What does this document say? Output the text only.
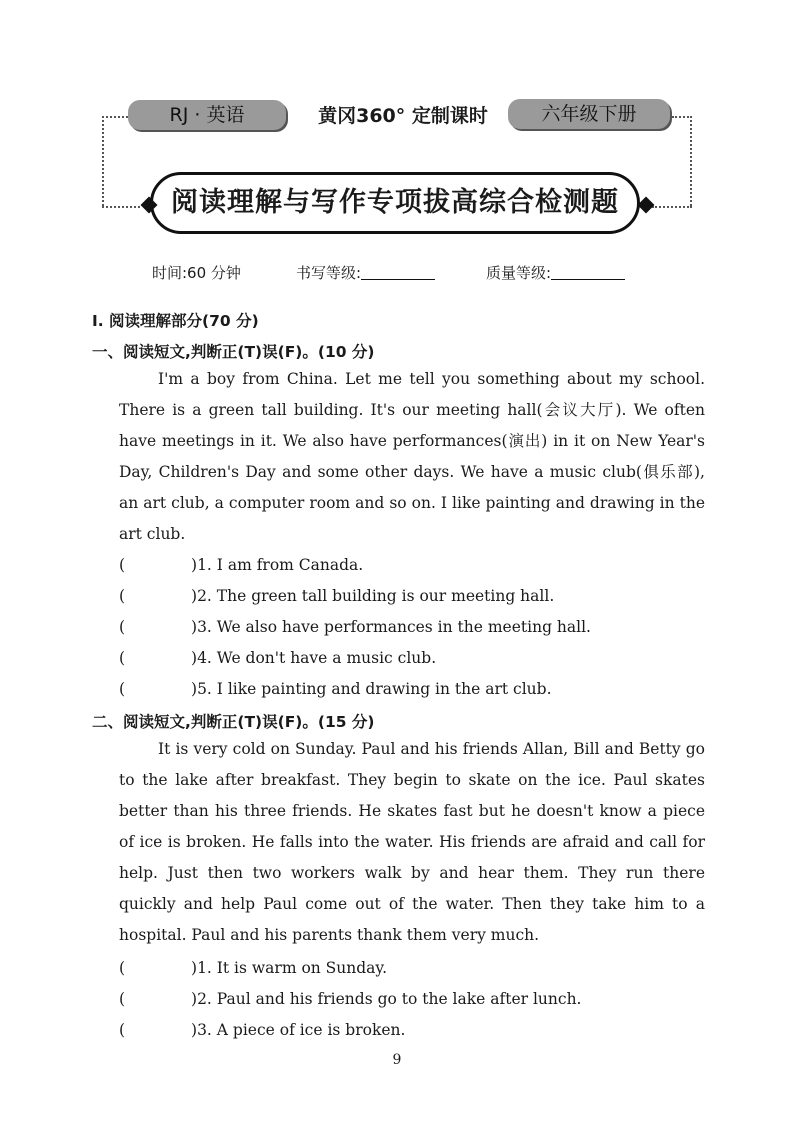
RJ · 英语	黄冈360° 定制课时	六年级下册
阅读理解与写作专项拔高综合检测题
时间:60 分钟	书写等级:	质量等级:
Ⅰ. 阅读理解部分(70 分)
一、阅读短文,判断正(T)误(F)。(10 分)
I'm a boy from China. Let me tell you something about my school. There is a green tall building. It's our meeting hall(会议大厅). We often have meetings in it. We also have performances(演出) in it on New Year's Day, Children's Day and some other days. We have a music club(俱乐部), an art club, a computer room and so on. I like painting and drawing in the art club.
(	)1. I am from Canada.
(	)2. The green tall building is our meeting hall.
(	)3. We also have performances in the meeting hall.
(	)4. We don't have a music club.
(	)5. I like painting and drawing in the art club.
二、阅读短文,判断正(T)误(F)。(15 分)
It is very cold on Sunday. Paul and his friends Allan, Bill and Betty go to the lake after breakfast. They begin to skate on the ice. Paul skates better than his three friends. He skates fast but he doesn't know a piece of ice is broken. He falls into the water. His friends are afraid and call for help. Just then two workers walk by and hear them. They run there quickly and help Paul come out of the water. Then they take him to a hospital. Paul and his parents thank them very much.
(	)1. It is warm on Sunday.
(	)2. Paul and his friends go to the lake after lunch.
(	)3. A piece of ice is broken.
9
